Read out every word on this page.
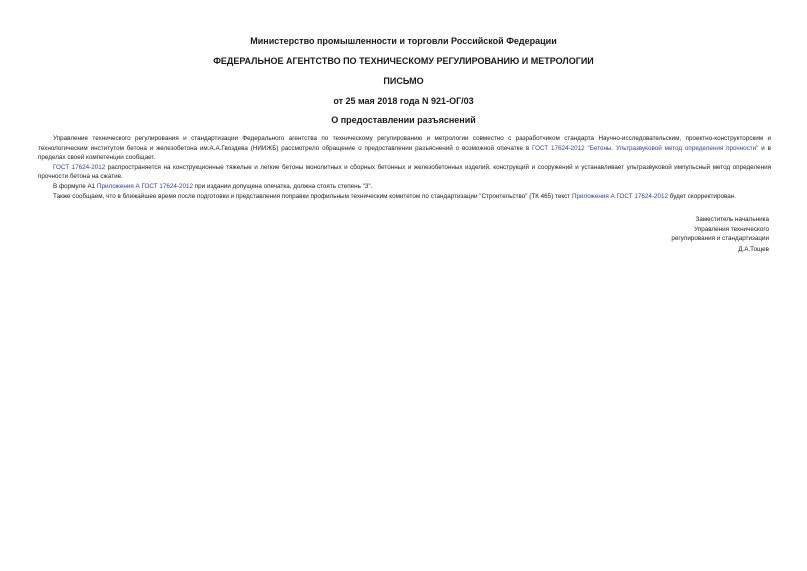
Министерство промышленности и торговли Российской Федерации
ФЕДЕРАЛЬНОЕ АГЕНТСТВО ПО ТЕХНИЧЕСКОМУ РЕГУЛИРОВАНИЮ И МЕТРОЛОГИИ
ПИСЬМО
от 25 мая 2018 года N 921-ОГ/03
О предоставлении разъяснений

Управление технического регулирования и стандартизации Федерального агентства по техническому регулированию и метрологии совместно с разработчиком стандарта Научно-исследовательским, проектно-конструкторским и технологическим институтом бетона и железобетона им.А.А.Гвоздева (НИИЖБ) рассмотрело обращение о предоставлении разъяснений о возможной опечатке в ГОСТ 17624-2012 "Бетоны. Ультразвуковой метод определения прочности" и в пределах своей компетенции сообщает.

ГОСТ 17624-2012 распространяется на конструкционные тяжелые и легкие бетоны монолитных и сборных бетонных и железобетонных изделий, конструкций и сооружений и устанавливает ультразвуковой импульсный метод определения прочности бетона на сжатие.

В формуле А1 Приложения А ГОСТ 17624-2012 при издании допущена опечатка, должна стоять степень "3".

Также сообщаем, что в ближайшее время после подготовки и представления поправки профильным техническим комитетом по стандартизации "Строительство" (ТК 465) текст Приложения А ГОСТ 17624-2012 будет скорректирован.

Заместитель начальника
Управления технического
регулирования и стандартизации
Д.А.Тощев
